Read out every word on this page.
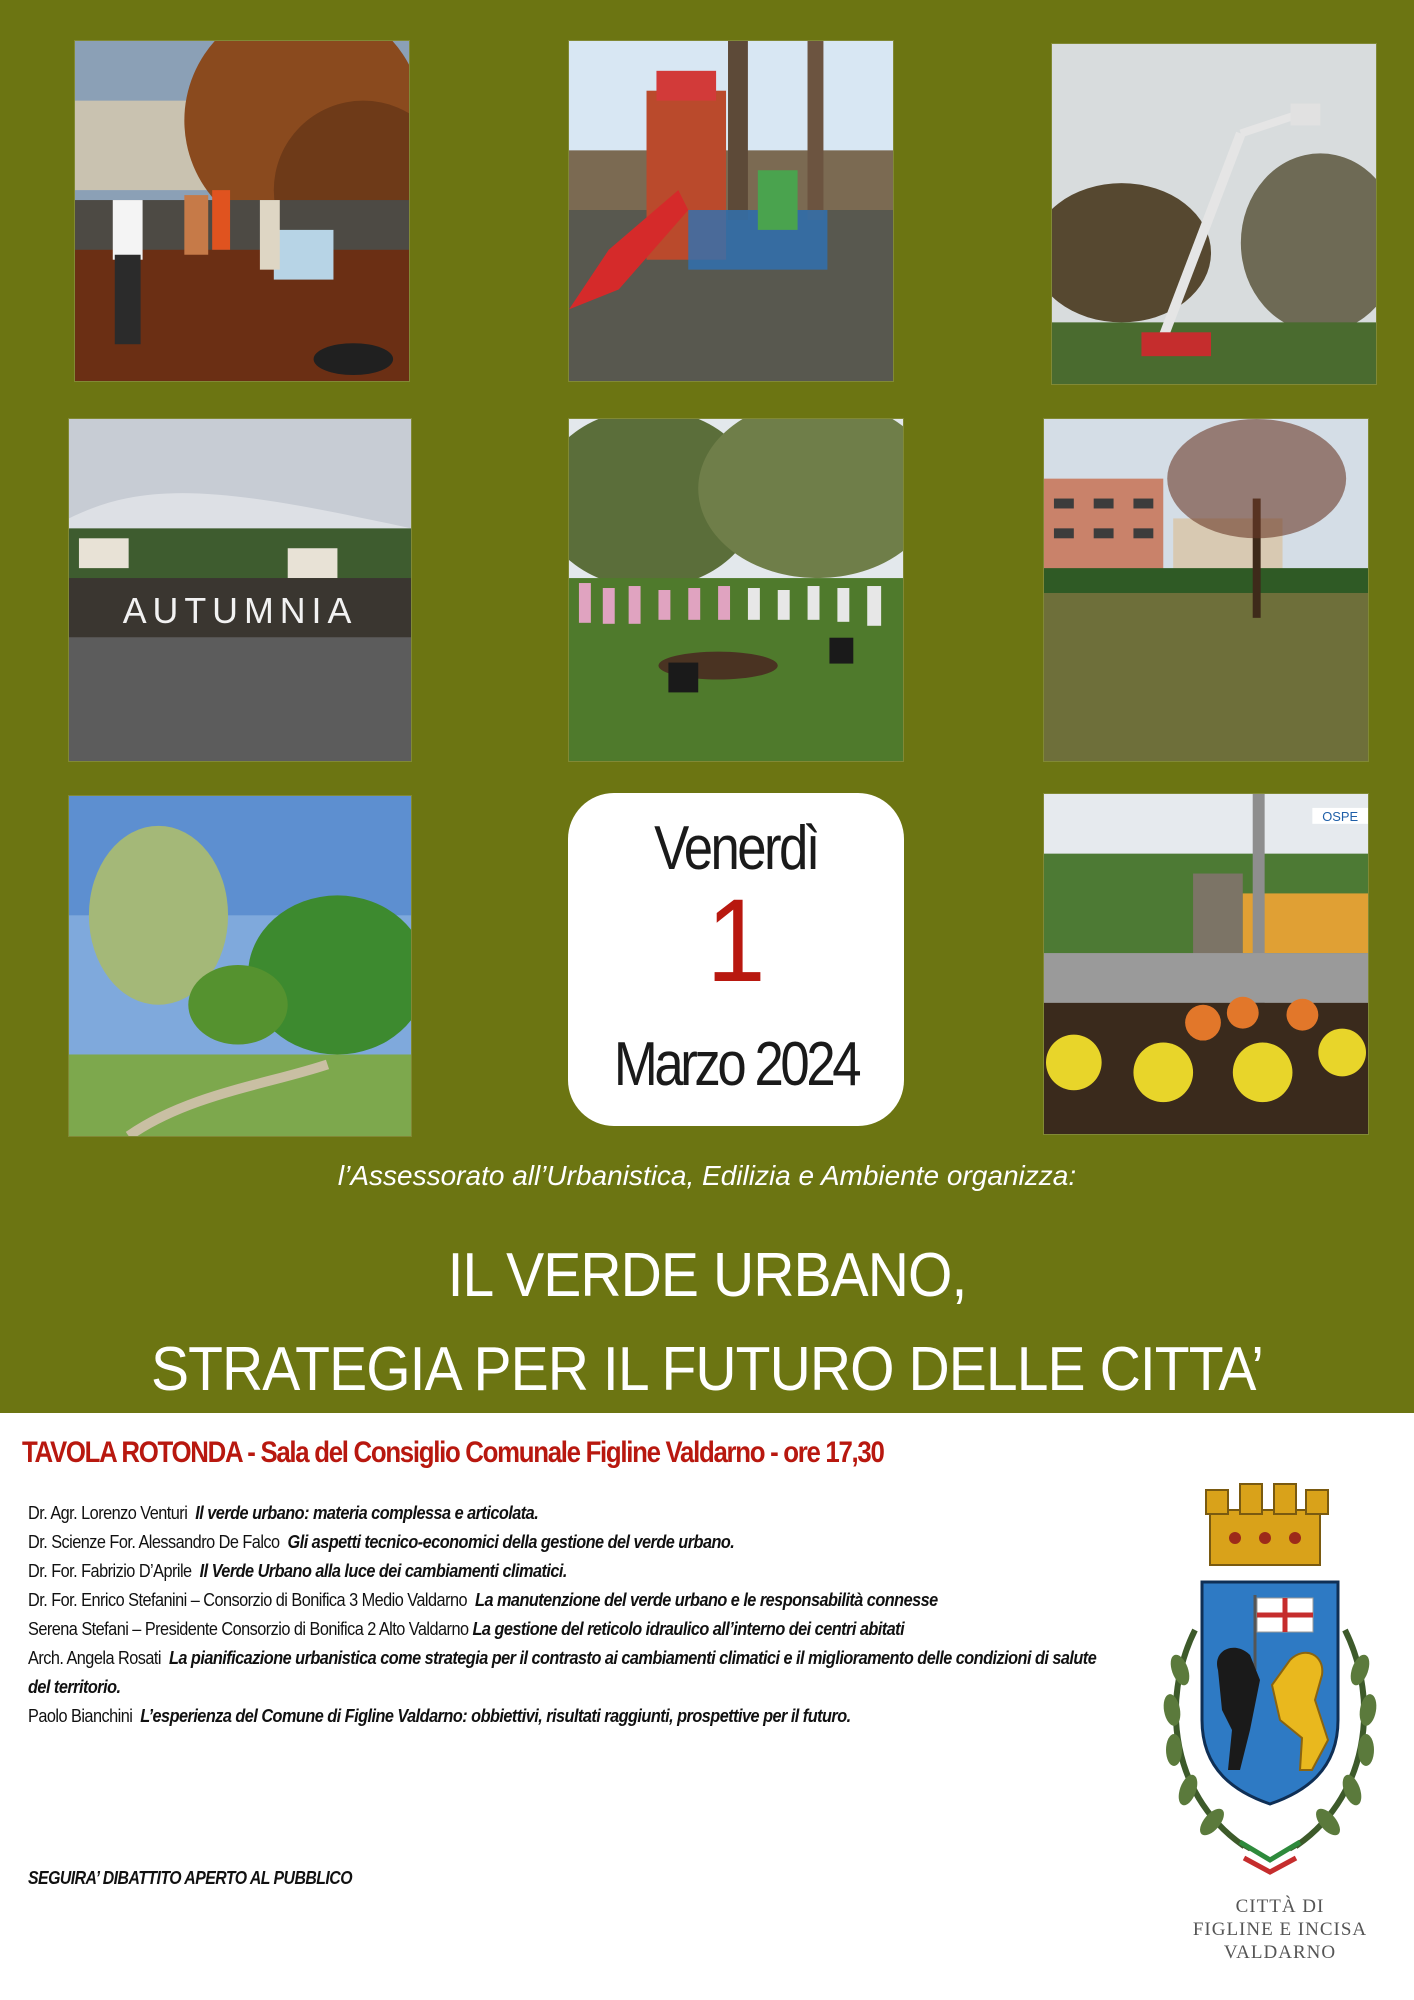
AUTUMNIA
OSPE
Venerdì
1
Marzo 2024
l’Assessorato all’Urbanistica, Edilizia e Ambiente organizza:
IL VERDE URBANO,
STRATEGIA PER IL FUTURO DELLE CITTA’
TAVOLA ROTONDA - Sala del Consiglio Comunale Figline Valdarno - ore 17,30
Dr. Agr. Lorenzo Venturi Il verde urbano: materia complessa e articolata.
Dr. Scienze For. Alessandro De Falco Gli aspetti tecnico-economici della gestione del verde urbano.
Dr. For. Fabrizio D’Aprile Il Verde Urbano alla luce dei cambiamenti climatici.
Dr. For. Enrico Stefanini – Consorzio di Bonifica 3 Medio Valdarno La manutenzione del verde urbano e le responsabilità connesse
Serena Stefani – Presidente Consorzio di Bonifica 2 Alto Valdarno La gestione del reticolo idraulico all’interno dei centri abitati
Arch. Angela Rosati La pianificazione urbanistica come strategia per il contrasto ai cambiamenti climatici e il miglioramento delle condizioni di salute del territorio.
Paolo Bianchini L’esperienza del Comune di Figline Valdarno: obbiettivi, risultati raggiunti, prospettive per il futuro.
SEGUIRA’ DIBATTITO APERTO AL PUBBLICO
CITTÀ DI
FIGLINE E INCISA
VALDARNO
